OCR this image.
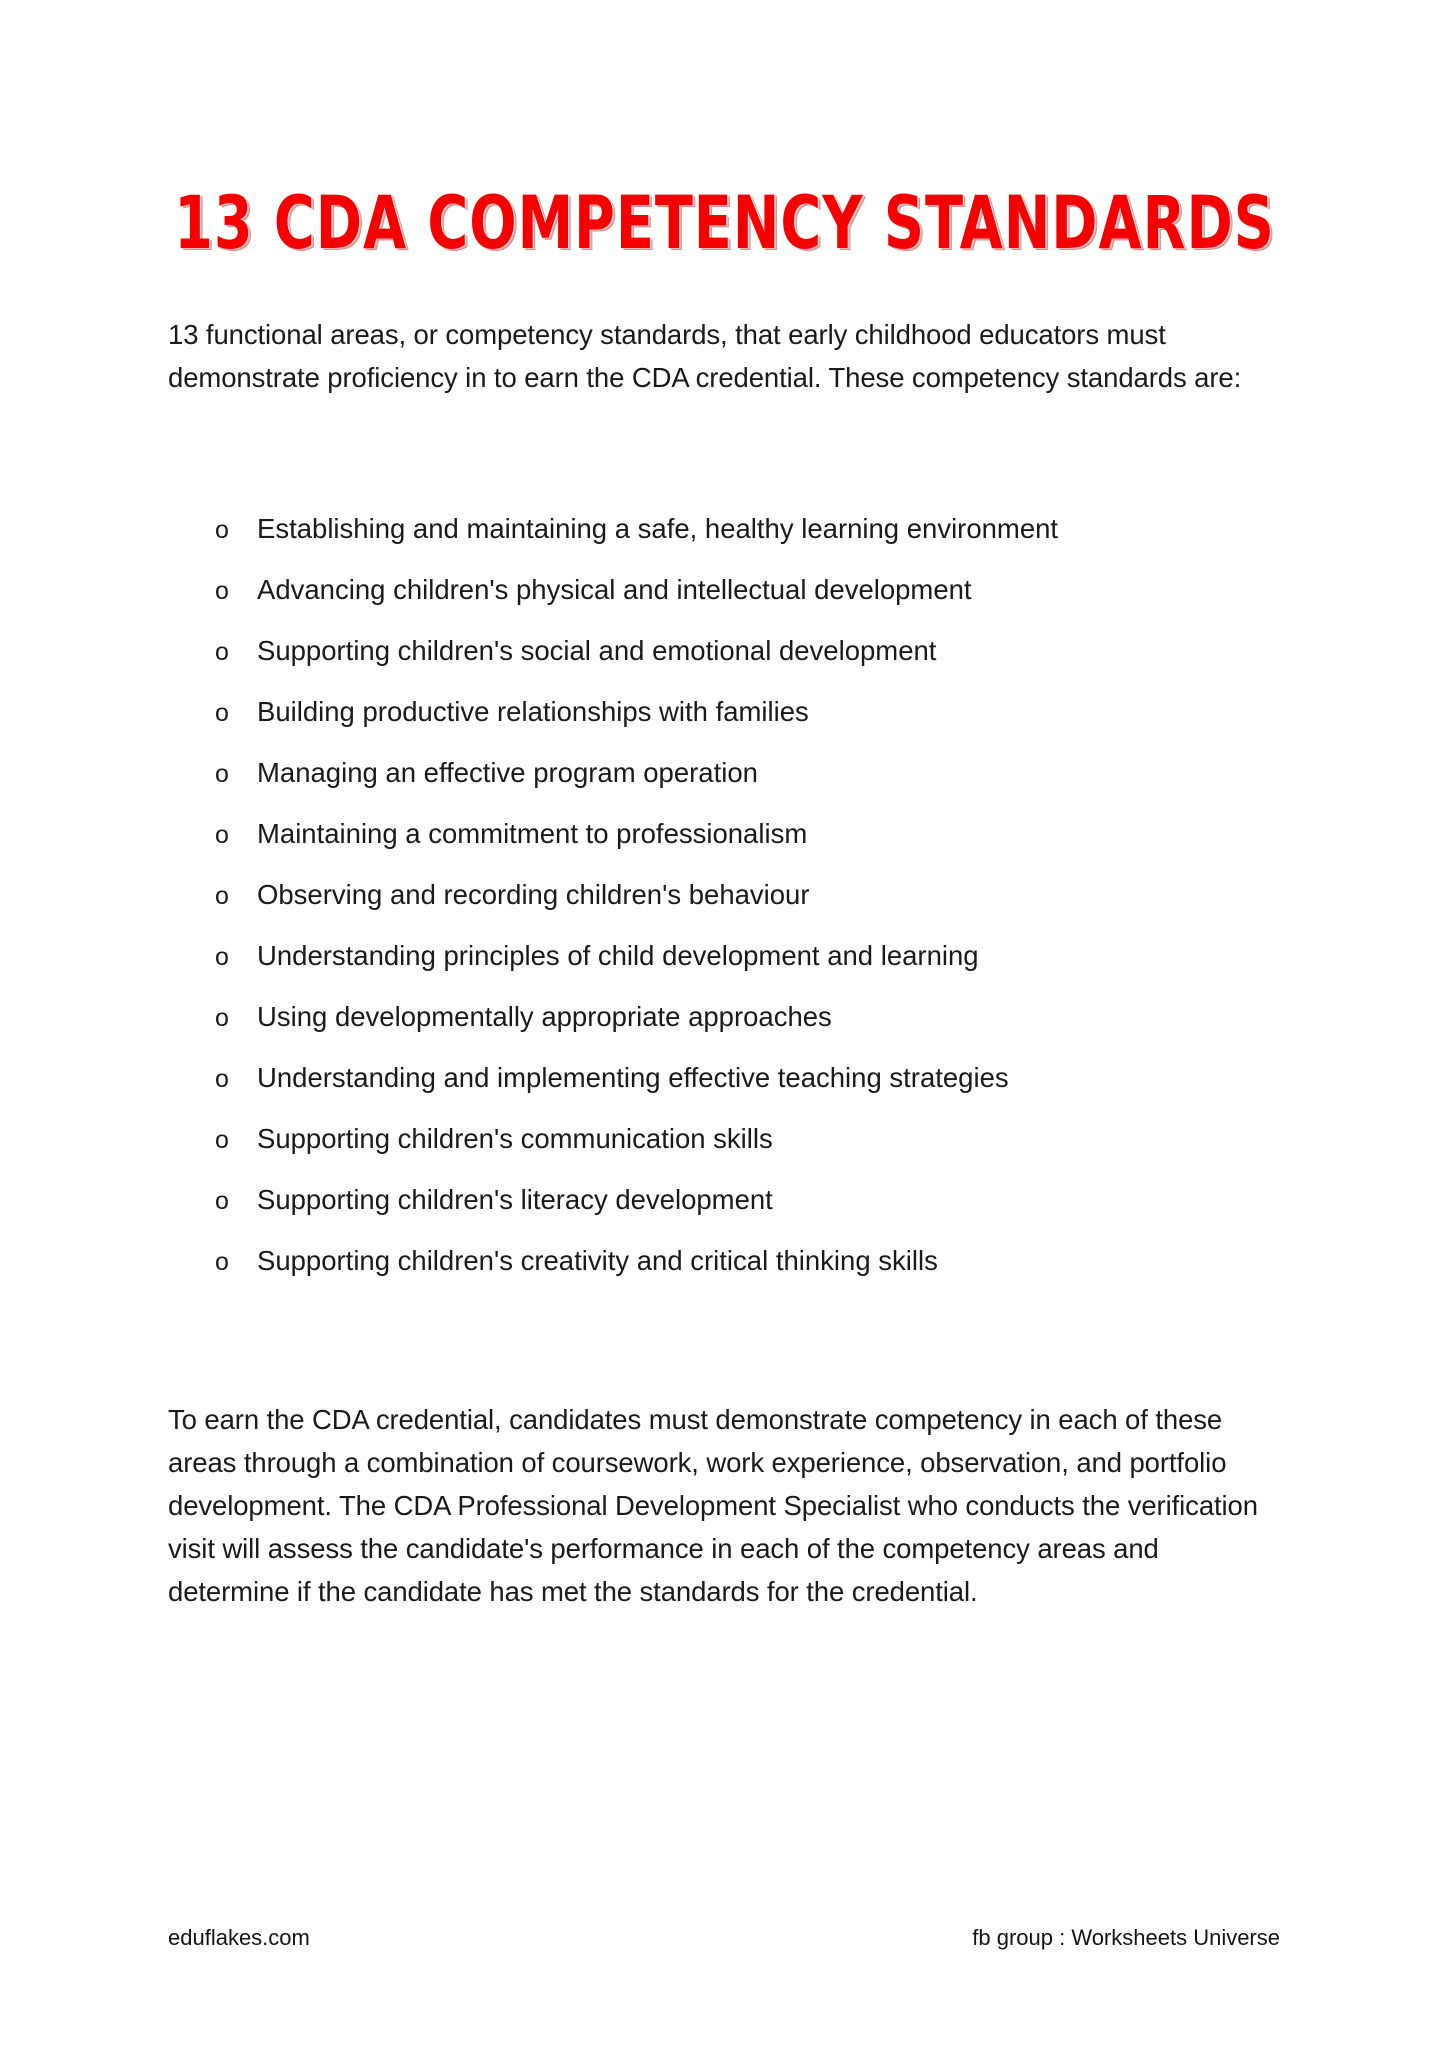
13 CDA COMPETENCY STANDARDS

13 functional areas, or competency standards, that early childhood educators must demonstrate proficiency in to earn the CDA credential. These competency standards are:

o	Establishing and maintaining a safe, healthy learning environment
o	Advancing children's physical and intellectual development
o	Supporting children's social and emotional development
o	Building productive relationships with families
o	Managing an effective program operation
o	Maintaining a commitment to professionalism
o	Observing and recording children's behaviour
o	Understanding principles of child development and learning
o	Using developmentally appropriate approaches
o	Understanding and implementing effective teaching strategies
o	Supporting children's communication skills
o	Supporting children's literacy development
o	Supporting children's creativity and critical thinking skills

To earn the CDA credential, candidates must demonstrate competency in each of these areas through a combination of coursework, work experience, observation, and portfolio development. The CDA Professional Development Specialist who conducts the verification visit will assess the candidate's performance in each of the competency areas and determine if the candidate has met the standards for the credential.

eduflakes.com	fb group : Worksheets Universe
